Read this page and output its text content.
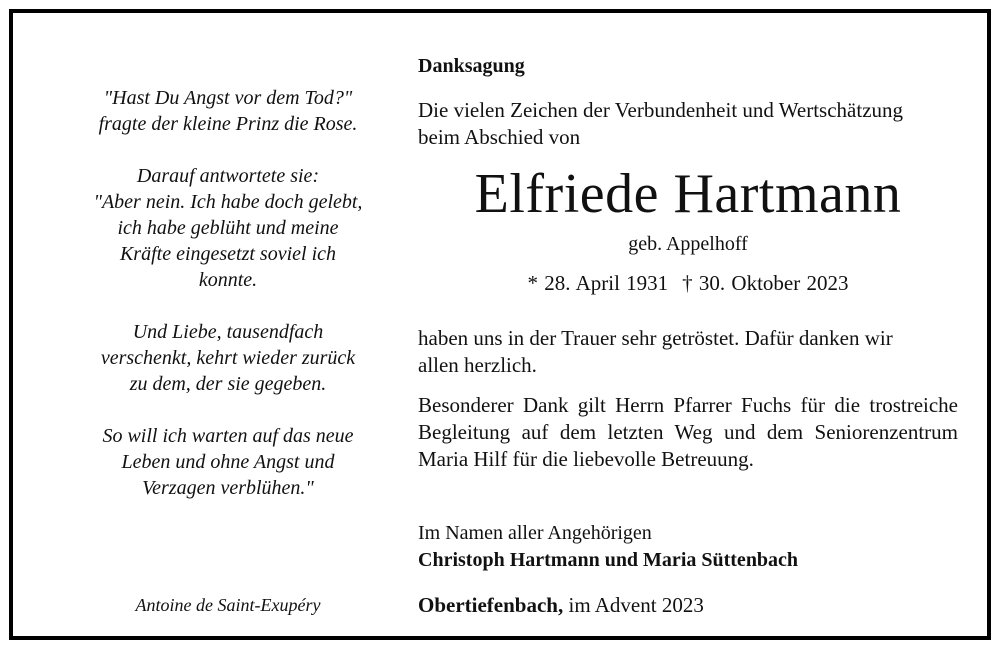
"Hast Du Angst vor dem Tod?"
fragte der kleine Prinz die Rose.
Darauf antwortete sie:
"Aber nein. Ich habe doch gelebt,
ich habe geblüht und meine
Kräfte eingesetzt soviel ich
konnte.
Und Liebe, tausendfach
verschenkt, kehrt wieder zurück
zu dem, der sie gegeben.
So will ich warten auf das neue
Leben und ohne Angst und
Verzagen verblühen."
Antoine de Saint-Exupéry
Danksagung
Die vielen Zeichen der Verbundenheit und Wertschätzung
beim Abschied von
Elfriede Hartmann
geb. Appelhoff
* 28. April 1931 † 30. Oktober 2023
haben uns in der Trauer sehr getröstet. Dafür danken wir
allen herzlich.
Besonderer Dank gilt Herrn Pfarrer Fuchs für die trostreiche Begleitung auf dem letzten Weg und dem Seniorenzentrum Maria Hilf für die liebevolle Betreuung.
Im Namen aller Angehörigen
Christoph Hartmann und Maria Süttenbach
Obertiefenbach, im Advent 2023
